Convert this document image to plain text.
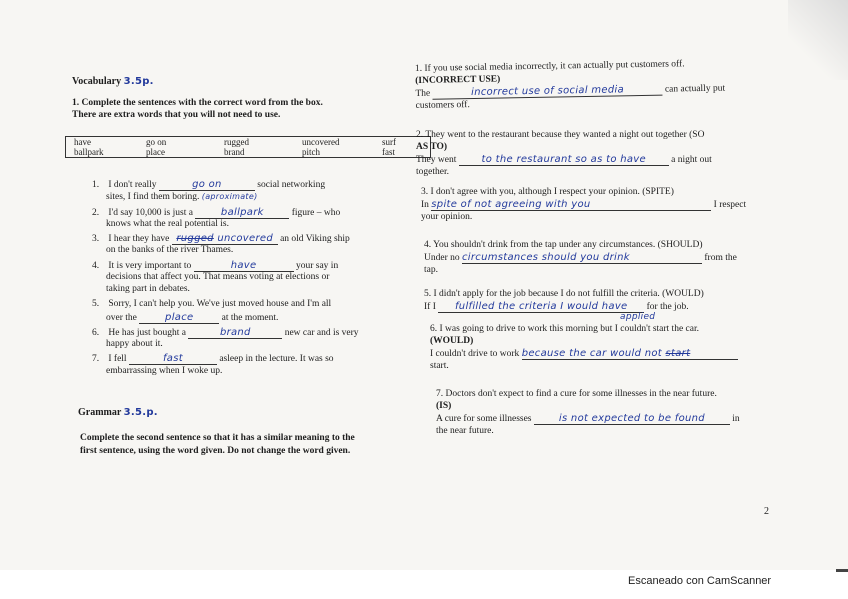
Vocabulary 3.5p.
1. Complete the sentences with the correct word from the box.
There are extra words that you will not need to use.
have	go on	rugged	uncovered	surf
ballpark	place	brand	pitch	fast
1. I don't really	go on	social networking
sites, I find them boring. (aproximate)
2. I'd say 10,000 is just a	ballpark	figure – who
knows what the real potential is.
3. I hear they have rugged uncovered an old Viking ship
on the banks of the river Thames.
4. It is very important to	have	your say in
decisions that affect you. That means voting at elections or
taking part in debates.
5. Sorry, I can't help you. We've just moved house and I'm all
over the	place	at the moment.
6. He has just bought a	brand	new car and is very
happy about it.
7. I fell	fast	asleep in the lecture. It was so
embarrassing when I woke up.
Grammar 3.5.p.
Complete the second sentence so that it has a similar meaning to the
first sentence, using the word given. Do not change the word given.
1. If you use social media incorrectly, it can actually put customers off.
(INCORRECT USE)
The	incorrect use of social media	can actually put
customers off.
2. They went to the restaurant because they wanted a night out together (SO
AS TO)
They went	to the restaurant so as to have	a night out
together.
3. I don't agree with you, although I respect your opinion. (SPITE)
In spite of not agreeing with you	I respect
your opinion.
4. You shouldn't drink from the tap under any circumstances. (SHOULD)
Under no circumstances should you drink	from the
tap.
5. I didn't apply for the job because I do not fulfill the criteria. (WOULD)
If I fulfilled the criteria I would have for the job.
applied
6. I was going to drive to work this morning but I couldn't start the car.
(WOULD)
I couldn't drive to work because the car would not start
start.
7. Doctors don't expect to find a cure for some illnesses in the near future.
(IS)
A cure for some illnesses	is not expected to be found	in
the near future.
2
Escaneado con CamScanner
